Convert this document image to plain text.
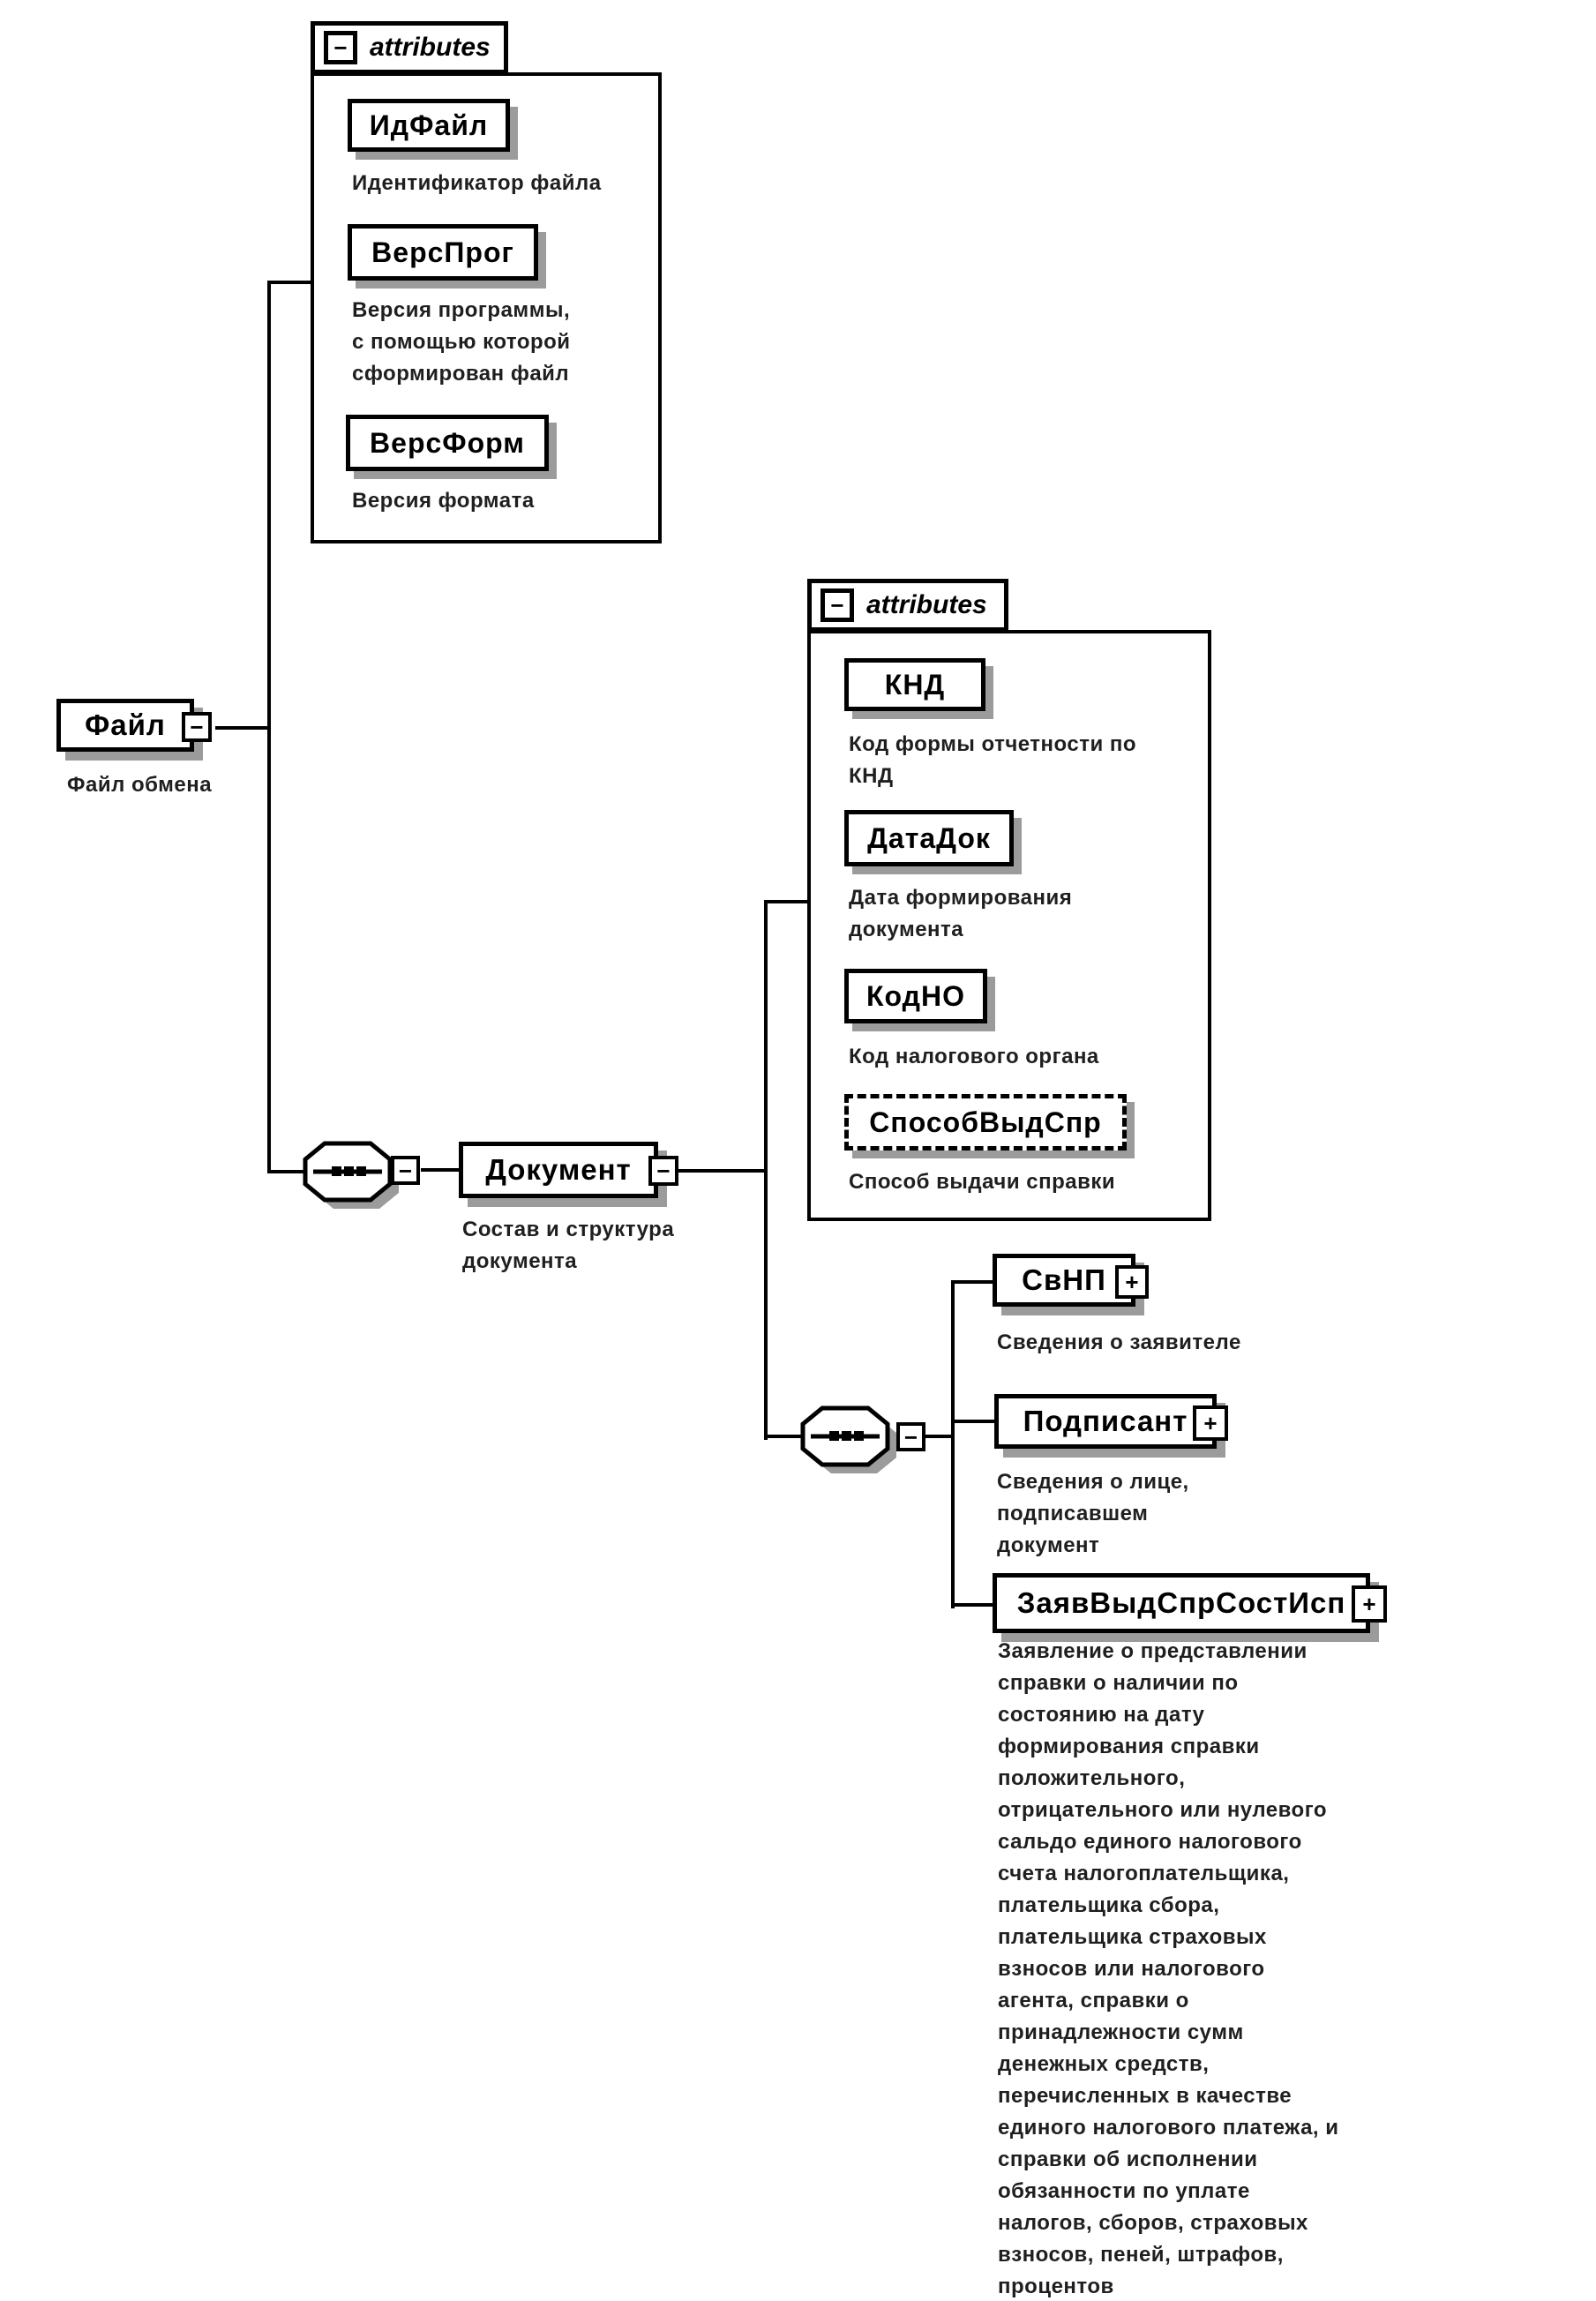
Файл −
Файл обмена
− attributes
ИдФайл
Идентификатор файла
ВерсПрог
Версия программы, с помощью которой сформирован файл
ВерсФорм
Версия формата
−	Документ −
Состав и структура документа
− attributes
КНД
Код формы отчетности по КНД
ДатаДок
Дата формирования документа
КодНО
Код налогового органа
СпособВыдСпр
Способ выдачи справки
−
СвНП +
Сведения о заявителе
Подписант +
Сведения о лице, подписавшем документ
ЗаявВыдСпрСостИсп +
Заявление о представлении справки о наличии по состоянию на дату формирования справки положительного, отрицательного или нулевого сальдо единого налогового счета налогоплательщика, плательщика сбора, плательщика страховых взносов или налогового агента, справки о принадлежности сумм денежных средств, перечисленных в качестве единого налогового платежа, и справки об исполнении обязанности по уплате налогов, сборов, страховых взносов, пеней, штрафов, процентов
